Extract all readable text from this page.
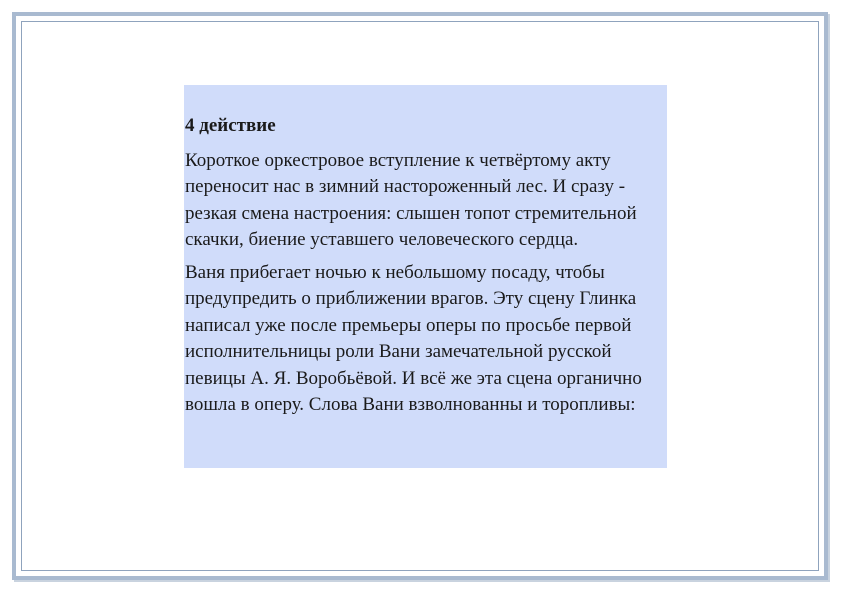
4 действие

Короткое оркестровое вступление к четвёртому акту переносит нас в зимний настороженный лес. И сразу - резкая смена настроения: слышен топот стремительной скачки, биение уставшего человеческого сердца.

Ваня прибегает ночью к небольшому посаду, чтобы предупредить о приближении врагов. Эту сцену Глинка написал уже после премьеры оперы по просьбе первой исполнительницы роли Вани замечательной русской певицы А. Я. Воробьёвой. И всё же эта сцена органично вошла в оперу. Слова Вани взволнованны и торопливы:
